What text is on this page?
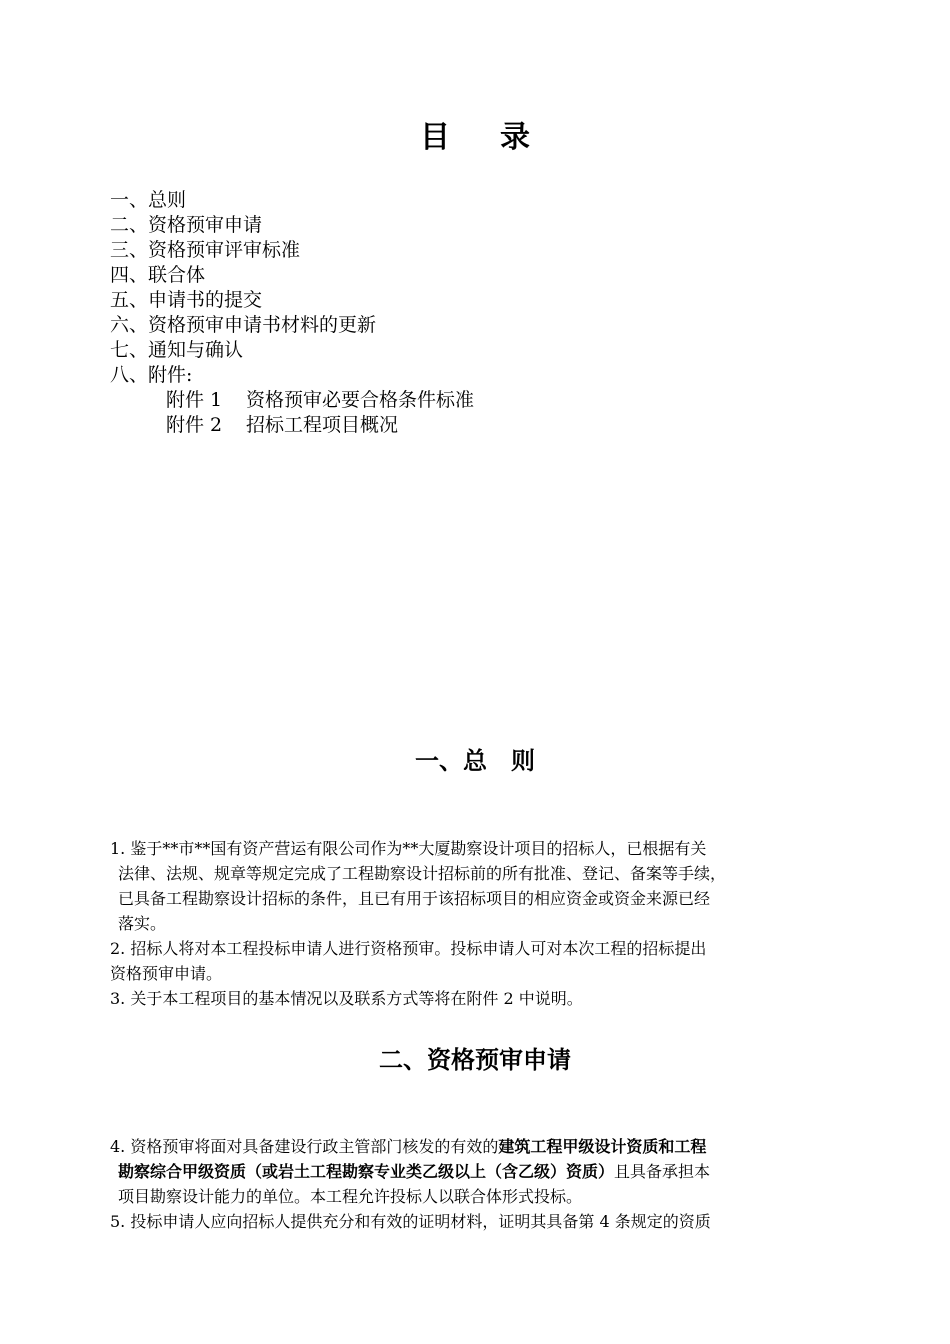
目 录
一、总则
二、资格预审申请
三、资格预审评审标准
四、联合体
五、申请书的提交
六、资格预审申请书材料的更新
七、通知与确认
八、附件:
附件 1 资格预审必要合格条件标准
附件 2 招标工程项目概况
一、总　则

1. 鉴于**市**国有资产营运有限公司作为**大厦勘察设计项目的招标人，已根据有关
法律、法规、规章等规定完成了工程勘察设计招标前的所有批准、登记、备案等手续，
已具备工程勘察设计招标的条件，且已有用于该招标项目的相应资金或资金来源已经
落实。

2. 招标人将对本工程投标申请人进行资格预审。投标申请人可对本次工程的招标提出
资格预审申请。

3. 关于本工程项目的基本情况以及联系方式等将在附件 2 中说明。

二、资格预审申请

4. 资格预审将面对具备建设行政主管部门核发的有效的建筑工程甲级设计资质和工程
勘察综合甲级资质（或岩土工程勘察专业类乙级以上（含乙级）资质）且具备承担本
项目勘察设计能力的单位。本工程允许投标人以联合体形式投标。

5. 投标申请人应向招标人提供充分和有效的证明材料，证明其具备第 4 条规定的资质
